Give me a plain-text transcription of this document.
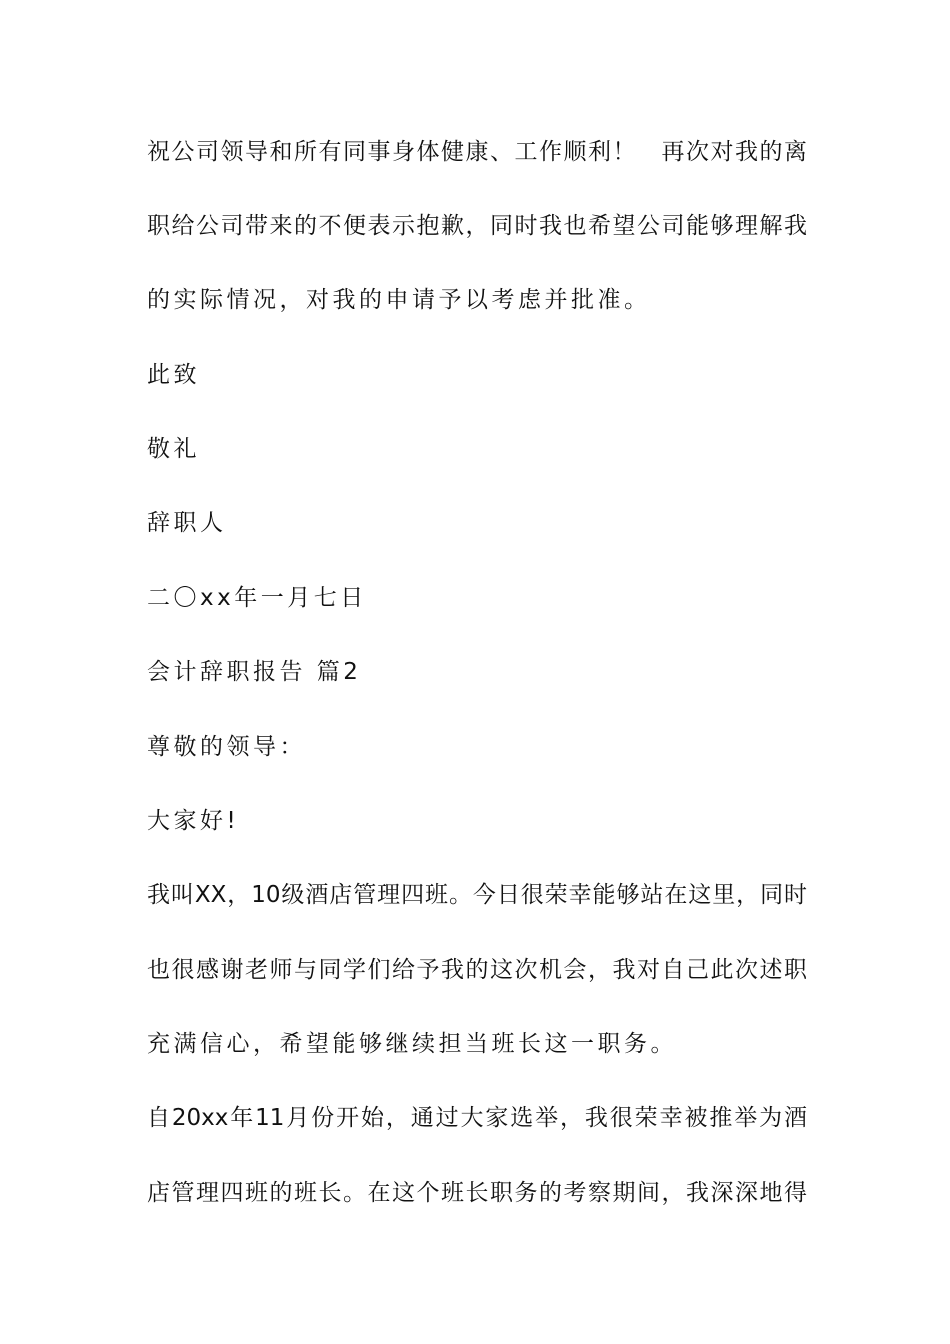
祝公司领导和所有同事身体健康、工作顺利！　再次对我的离
职给公司带来的不便表示抱歉，同时我也希望公司能够理解我
的实际情况，对我的申请予以考虑并批准。
此致
敬礼
辞职人
二〇xx年一月七日
会计辞职报告 篇2
尊敬的领导：
大家好!
我叫XX，10级酒店管理四班。今日很荣幸能够站在这里，同时
也很感谢老师与同学们给予我的这次机会，我对自己此次述职
充满信心，希望能够继续担当班长这一职务。
自20xx年11月份开始，通过大家选举，我很荣幸被推举为酒
店管理四班的班长。在这个班长职务的考察期间，我深深地得
